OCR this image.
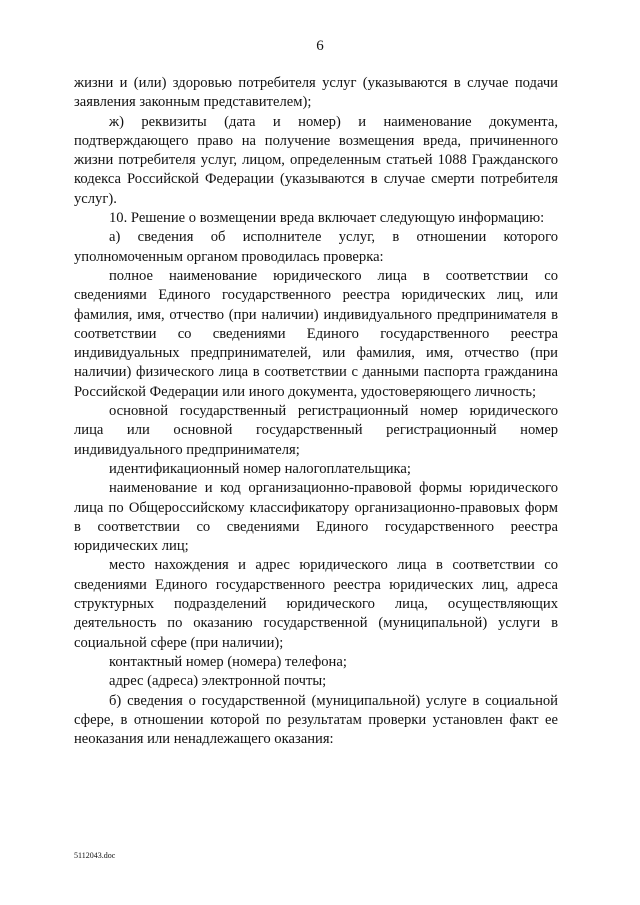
6

жизни и (или) здоровью потребителя услуг (указываются в случае подачи заявления законным представителем);

ж) реквизиты (дата и номер) и наименование документа, подтверждающего право на получение возмещения вреда, причиненного жизни потребителя услуг, лицом, определенным статьей 1088 Гражданского кодекса Российской Федерации (указываются в случае смерти потребителя услуг).

10. Решение о возмещении вреда включает следующую информацию:

а) сведения об исполнителе услуг, в отношении которого уполномоченным органом проводилась проверка:

полное наименование юридического лица в соответствии со сведениями Единого государственного реестра юридических лиц, или фамилия, имя, отчество (при наличии) индивидуального предпринимателя в соответствии со сведениями Единого государственного реестра индивидуальных предпринимателей, или фамилия, имя, отчество (при наличии) физического лица в соответствии с данными паспорта гражданина Российской Федерации или иного документа, удостоверяющего личность;

основной государственный регистрационный номер юридического лица или основной государственный регистрационный номер индивидуального предпринимателя;

идентификационный номер налогоплательщика;

наименование и код организационно-правовой формы юридического лица по Общероссийскому классификатору организационно-правовых форм в соответствии со сведениями Единого государственного реестра юридических лиц;

место нахождения и адрес юридического лица в соответствии со сведениями Единого государственного реестра юридических лиц, адреса структурных подразделений юридического лица, осуществляющих деятельность по оказанию государственной (муниципальной) услуги в социальной сфере (при наличии);

контактный номер (номера) телефона;

адрес (адреса) электронной почты;

б) сведения о государственной (муниципальной) услуге в социальной сфере, в отношении которой по результатам проверки установлен факт ее неоказания или ненадлежащего оказания:

5112043.doc
